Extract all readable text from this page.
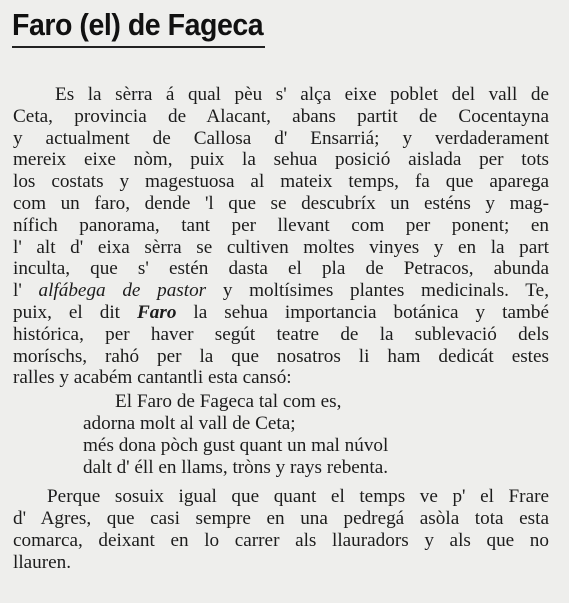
Faro (el) de Fageca
Es la sèrra á qual pèu s' alça eixe poblet del vall de
Ceta, provincia de Alacant, abans partit de Cocentayna
y actualment de Callosa d' Ensarriá; y verdaderament
mereix eixe nòm, puix la sehua posició aislada per tots
los costats y magestuosa al mateix temps, fa que aparega
com un faro, dende 'l que se descubríx un esténs y mag-
nífich panorama, tant per llevant com per ponent; en
l' alt d' eixa sèrra se cultiven moltes vinyes y en la part
inculta, que s' estén dasta el pla de Petracos, abunda
l' alfábega de pastor y moltísimes plantes medicinals. Te,
puix, el dit Faro la sehua importancia botánica y també
histórica, per haver segút teatre de la sublevació dels
moríschs, rahó per la que nosatros li ham dedicát estes
ralles y acabém cantantli esta cansó:
El Faro de Fageca tal com es,
adorna molt al vall de Ceta;
més dona pòch gust quant un mal núvol
dalt d' éll en llams, tròns y rays rebenta.
Perque sosuix igual que quant el temps ve p' el Frare
d' Agres, que casi sempre en una pedregá asòla tota esta
comarca, deixant en lo carrer als llauradors y als que no
llauren.
